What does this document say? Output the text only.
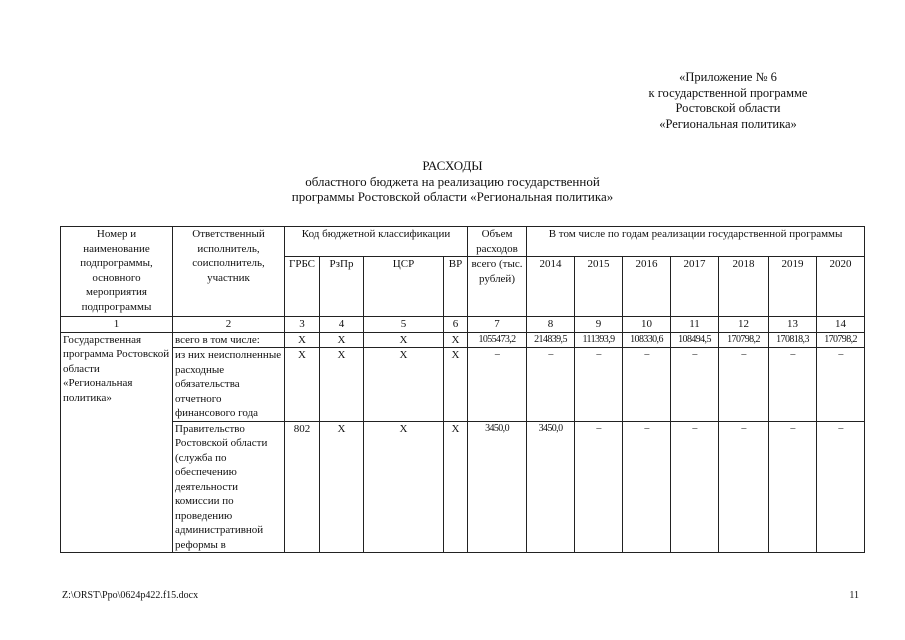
«Приложение № 6
к государственной программе
Ростовской области
«Региональная политика»
РАСХОДЫ
областного бюджета на реализацию государственной
программы Ростовской области «Региональная политика»
Номер и наименование подпрограммы, основного мероприятия подпрограммы	Ответственный исполнитель, соисполнитель, участник	Код бюджетной классификации				Объем расходов	В том числе по годам реализации государственной программы						
		ГРБС	РзПр	ЦСР	ВР	всего (тыс. рублей)	2014	2015	2016	2017	2018	2019	2020
1	2	3	4	5	6	7	8	9	10	11	12	13	14
Государственная программа Ростовской области «Региональная политика»	всего в том числе:	Х	Х	Х	Х	1055473,2	214839,5	111393,9	108330,6	108494,5	170798,2	170818,3	170798,2
	из них неисполненные расходные обязательства отчетного финансового года	Х	Х	Х	Х	–	–	–	–	–	–	–	–
	Правительство Ростовской области (служба по обеспечению деятельности комиссии по проведению административной реформы в	802	Х	Х	Х	3450,0	3450,0	–	–	–	–	–	–
Z:\ORST\Ppo\0624p422.f15.docx	11
